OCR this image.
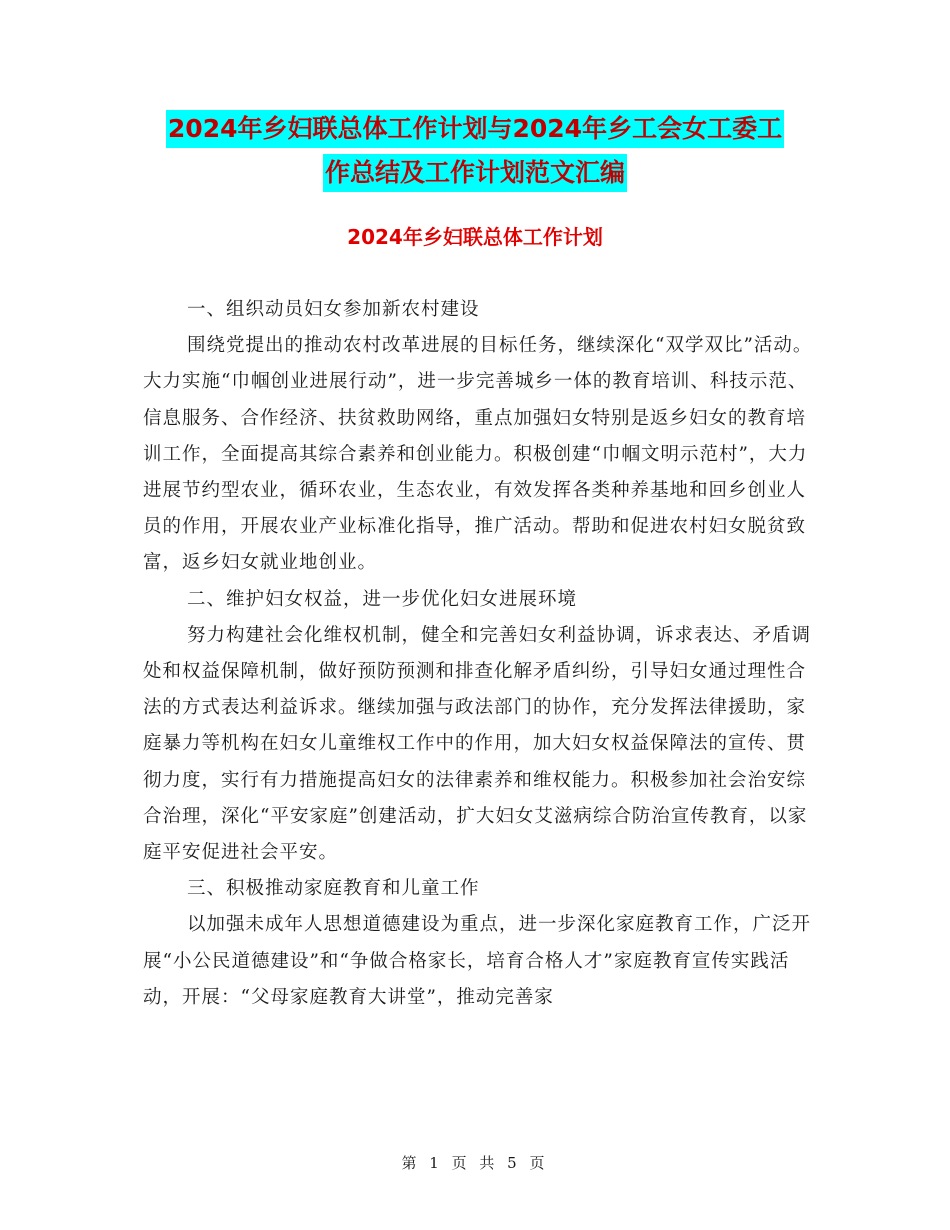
2024年乡妇联总体工作计划与2024年乡工会女工委工
作总结及工作计划范文汇编
2024年乡妇联总体工作计划

一、组织动员妇女参加新农村建设

围绕党提出的推动农村改革进展的目标任务，继续深化“双学双比”活动。大力实施“巾帼创业进展行动”，进一步完善城乡一体的教育培训、科技示范、信息服务、合作经济、扶贫救助网络，重点加强妇女特别是返乡妇女的教育培训工作，全面提高其综合素养和创业能力。积极创建“巾帼文明示范村”，大力进展节约型农业，循环农业，生态农业，有效发挥各类种养基地和回乡创业人员的作用，开展农业产业标准化指导，推广活动。帮助和促进农村妇女脱贫致富，返乡妇女就业地创业。

二、维护妇女权益，进一步优化妇女进展环境

努力构建社会化维权机制，健全和完善妇女利益协调，诉求表达、矛盾调处和权益保障机制，做好预防预测和排查化解矛盾纠纷，引导妇女通过理性合法的方式表达利益诉求。继续加强与政法部门的协作，充分发挥法律援助，家庭暴力等机构在妇女儿童维权工作中的作用，加大妇女权益保障法的宣传、贯彻力度，实行有力措施提高妇女的法律素养和维权能力。积极参加社会治安综合治理，深化“平安家庭”创建活动，扩大妇女艾滋病综合防治宣传教育，以家庭平安促进社会平安。

三、积极推动家庭教育和儿童工作

以加强未成年人思想道德建设为重点，进一步深化家庭教育工作，广泛开展“小公民道德建设”和“争做合格家长，培育合格人才”家庭教育宣传实践活动，开展：“父母家庭教育大讲堂”，推动完善家

第 1 页 共 5 页
